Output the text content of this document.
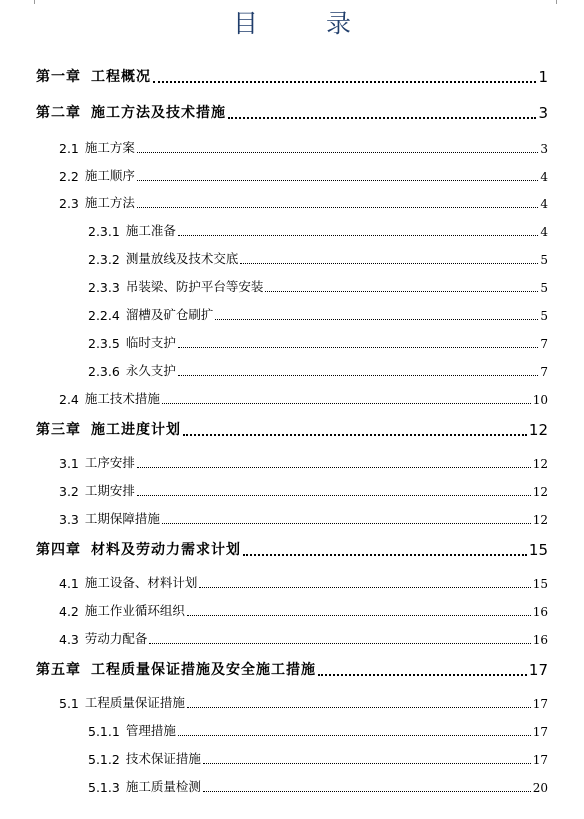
目 录
第一章 工程概况	1
第二章 施工方法及技术措施	3
2.1 施工方案	3
2.2 施工顺序	4
2.3 施工方法	4
2.3.1 施工准备	4
2.3.2 测量放线及技术交底	5
2.3.3 吊装梁、防护平台等安装	5
2.2.4 溜槽及矿仓刷扩	5
2.3.5 临时支护	7
2.3.6 永久支护	7
2.4 施工技术措施	10
第三章 施工进度计划	12
3.1 工序安排	12
3.2 工期安排	12
3.3 工期保障措施	12
第四章 材料及劳动力需求计划	15
4.1 施工设备、材料计划	15
4.2 施工作业循环组织	16
4.3 劳动力配备	16
第五章 工程质量保证措施及安全施工措施	17
5.1 工程质量保证措施	17
5.1.1 管理措施	17
5.1.2 技术保证措施	17
5.1.3 施工质量检测	20
